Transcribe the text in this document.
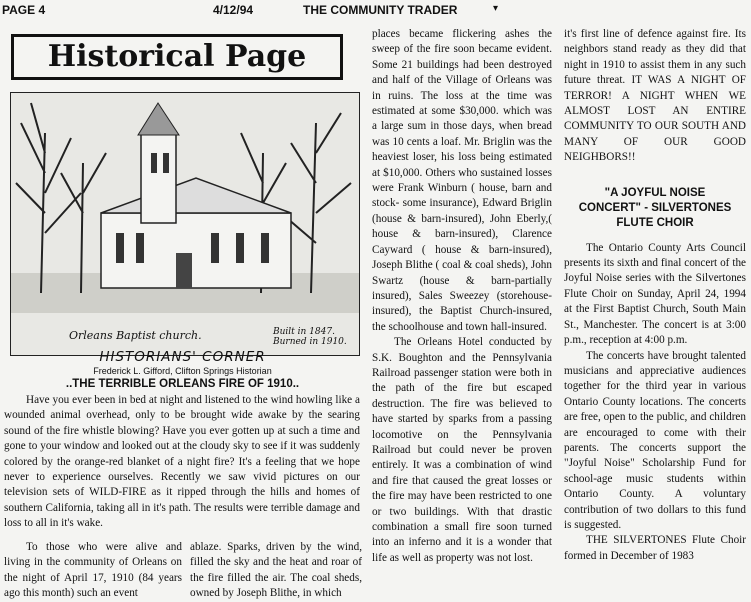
PAGE 4	4/12/94	THE COMMUNITY TRADER	▾
Historical Page
Orleans Baptist church.	Built in 1847. Burned in 1910.
HISTORIANS' CORNER
Frederick L. Gifford, Clifton Springs Historian
..THE TERRIBLE ORLEANS FIRE OF 1910..

Have you ever been in bed at night and listened to the wind howling like a wounded animal overhead, only to be brought wide awake by the searing sound of the fire whistle blowing? Have you ever gotten up at such a time and gone to your window and looked out at the cloudy sky to see if it was suddenly colored by the orange-red blanket of a night fire? It's a feeling that we hope never to experience ourselves. Recently we saw vivid pictures on our television sets of WILD-FIRE as it ripped through the hills and homes of southern California, taking all in it's path. The results were terrible damage and loss to all in it's wake.

To those who were alive and living in the community of Orleans on the night of April 17, 1910 (84 years ago this month) such an event

ablaze. Sparks, driven by the wind, filled the sky and the heat and roar of the fire filled the air. The coal sheds, owned by Joseph Blithe, in which

places became flickering ashes the sweep of the fire soon became evident. Some 21 buildings had been destroyed and half of the Village of Orleans was in ruins. The loss at the time was estimated at some $30,000. which was a large sum in those days, when bread was 10 cents a loaf. Mr. Briglin was the heaviest loser, his loss being estimated at $10,000. Others who sustained losses were Frank Winburn ( house, barn and stock- some insurance), Edward Briglin (house & barn-insured), John Eberly,( house & barn-insured), Clarence Cayward ( house & barn-insured), Joseph Blithe ( coal & coal sheds), John Swartz (house & barn-partially insured), Sales Sweezey (storehouse-insured), the Baptist Church-insured, the schoolhouse and town hall-insured.

The Orleans Hotel conducted by S.K. Boughton and the Pennsylvania Railroad passenger station were both in the path of the fire but escaped destruction. The fire was believed to have started by sparks from a passing locomotive on the Pennsylvania Railroad but could never be proven entirely. It was a combination of wind and fire that caused the great losses or the fire may have been restricted to one or two buildings. With that drastic combination a small fire soon turned into an inferno and it is a wonder that life as well as property was not lost.

it's first line of defence against fire. Its neighbors stand ready as they did that night in 1910 to assist them in any such future threat. IT WAS A NIGHT OF TERROR! A NIGHT WHEN WE ALMOST LOST AN ENTIRE COMMUNITY TO OUR SOUTH AND MANY OF OUR GOOD NEIGHBORS!!

"A JOYFUL NOISE CONCERT" - SILVERTONES FLUTE CHOIR

The Ontario County Arts Council presents its sixth and final concert of the Joyful Noise series with the Silvertones Flute Choir on Sunday, April 24, 1994 at the First Baptist Church, South Main St., Manchester. The concert is at 3:00 p.m., reception at 4:00 p.m.

The concerts have brought talented musicians and appreciative audiences together for the third year in various Ontario County locations. The concerts are free, open to the public, and children are encouraged to come with their parents. The concerts support the "Joyful Noise" Scholarship Fund for school-age music students within Ontario County. A voluntary contribution of two dollars to this fund is suggested.

THE SILVERTONES Flute Choir formed in December of 1983
